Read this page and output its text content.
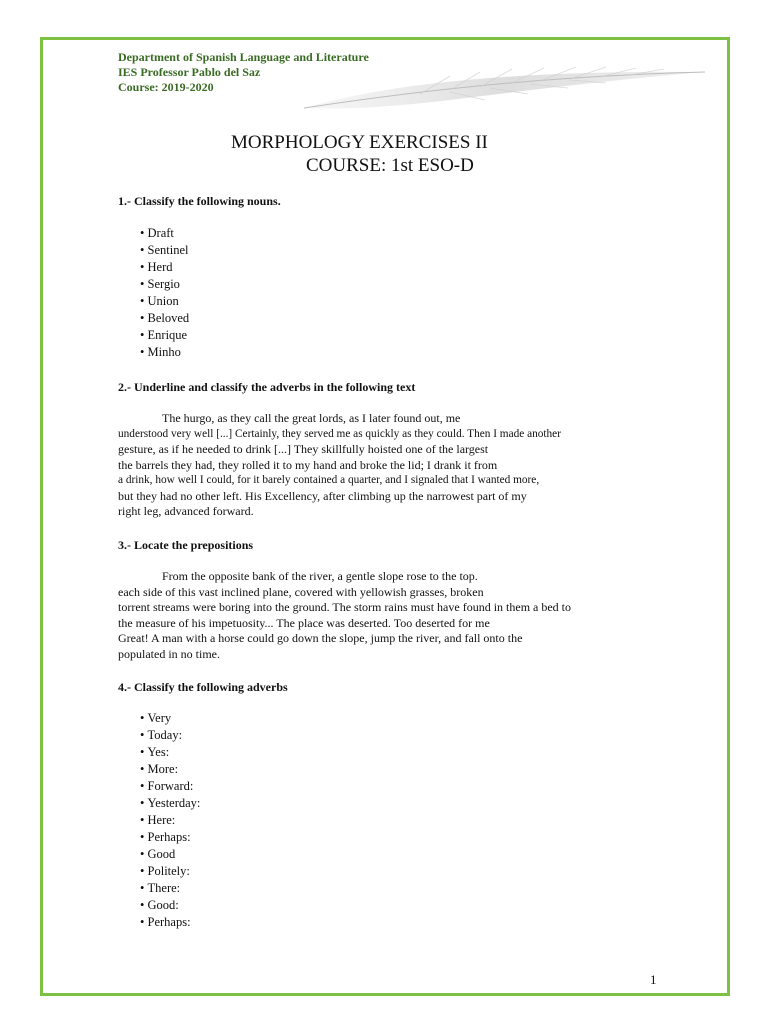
Department of Spanish Language and Literature
IES Professor Pablo del Saz
Course: 2019-2020
MORPHOLOGY EXERCISES II
COURSE: 1st ESO-D
1.- Classify the following nouns.
• Draft
• Sentinel
• Herd
• Sergio
• Union
• Beloved
• Enrique
• Minho
2.- Underline and classify the adverbs in the following text
The hurgo, as they call the great lords, as I later found out, me
understood very well [...] Certainly, they served me as quickly as they could. Then I made another
gesture, as if he needed to drink [...] They skillfully hoisted one of the largest
the barrels they had, they rolled it to my hand and broke the lid; I drank it from
a drink, how well I could, for it barely contained a quarter, and I signaled that I wanted more,
but they had no other left. His Excellency, after climbing up the narrowest part of my
right leg, advanced forward.
3.- Locate the prepositions
From the opposite bank of the river, a gentle slope rose to the top.
each side of this vast inclined plane, covered with yellowish grasses, broken
torrent streams were boring into the ground. The storm rains must have found in them a bed to
the measure of his impetuosity... The place was deserted. Too deserted for me
Great! A man with a horse could go down the slope, jump the river, and fall onto the
populated in no time.
4.- Classify the following adverbs
• Very
• Today:
• Yes:
• More:
• Forward:
• Yesterday:
• Here:
• Perhaps:
• Good
• Politely:
• There:
• Good:
• Perhaps:
1
